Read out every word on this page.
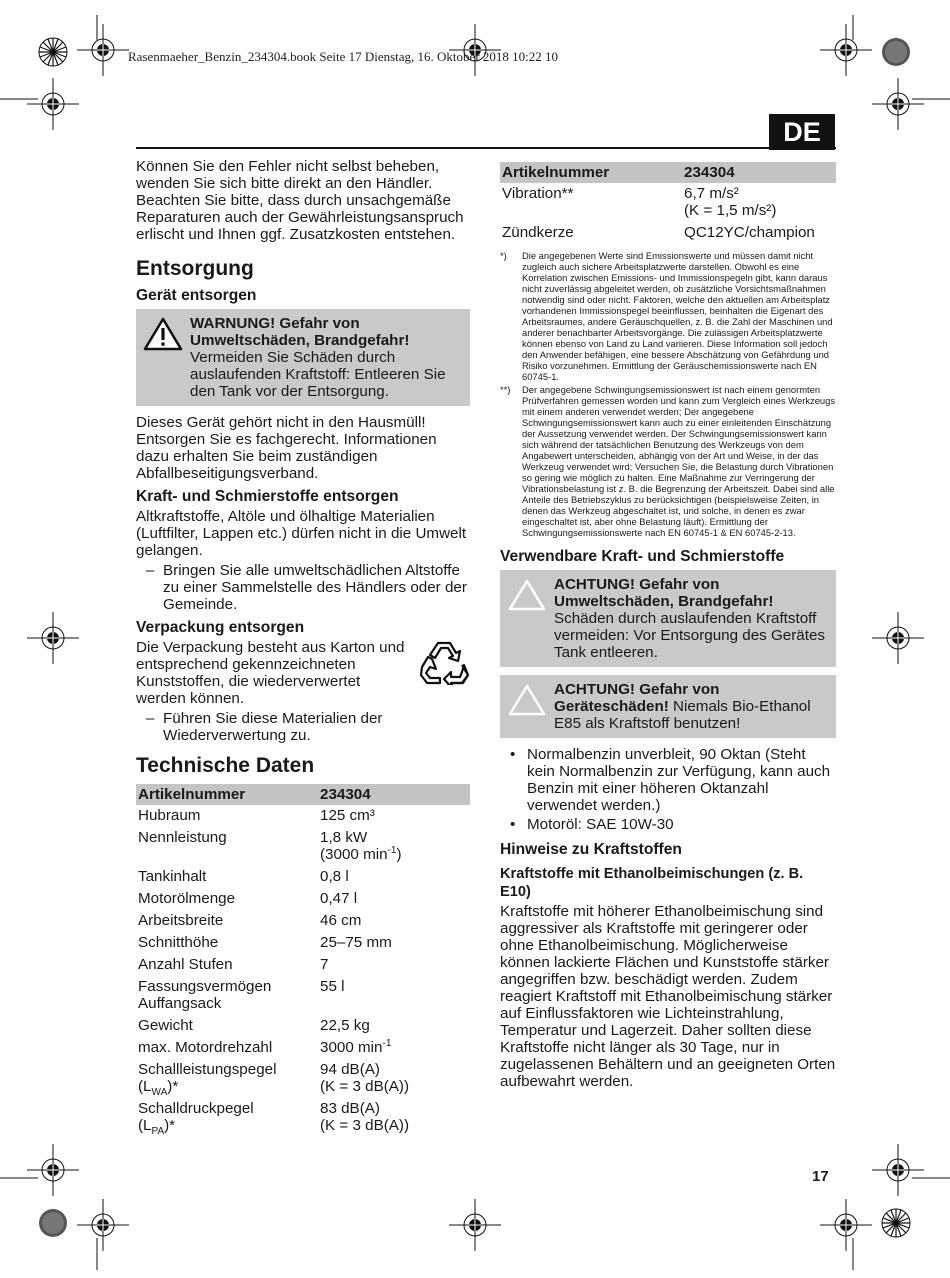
Rasenmaeher_Benzin_234304.book Seite 17 Dienstag, 16. Oktober 2018 10:22 10
DE

Können Sie den Fehler nicht selbst beheben, wenden Sie sich bitte direkt an den Händler. Beachten Sie bitte, dass durch unsachgemäße Reparaturen auch der Gewährleistungsanspruch erlischt und Ihnen ggf. Zusatzkosten entstehen.

Entsorgung
Gerät entsorgen
WARNUNG! Gefahr von Umweltschäden, Brandgefahr! Vermeiden Sie Schäden durch auslaufenden Kraftstoff: Entleeren Sie den Tank vor der Entsorgung.

Dieses Gerät gehört nicht in den Hausmüll! Entsorgen Sie es fachgerecht. Informationen dazu erhalten Sie beim zuständigen Abfallbeseitigungsverband.

Kraft- und Schmierstoffe entsorgen

Altkraftstoffe, Altöle und ölhaltige Materialien (Luftfilter, Lappen etc.) dürfen nicht in die Umwelt gelangen.

– Bringen Sie alle umweltschädlichen Altstoffe zu einer Sammelstelle des Händlers oder der Gemeinde.
Verpackung entsorgen

Die Verpackung besteht aus Karton und entsprechend gekennzeichneten Kunststoffen, die wiederverwertet werden können.

– Führen Sie diese Materialien der Wiederverwertung zu.
Technische Daten
Artikelnummer	234304
Hubraum	125 cm³
Nennleistung	1,8 kW
(3000 $\min^{-1}$)
Tankinhalt	0,8 l
Motorölmenge	0,47 l
Arbeitsbreite	46 cm
Schnitthöhe	25–75 mm
Anzahl Stufen	7
Fassungsvermögen Auffangsack	55 l
Gewicht	22,5 kg
max. Motordrehzahl	3000 $\min^{-1}$
Schallleistungspegel
$(L_{WA})*$	94 dB(A)
(K = 3 dB(A))
Schalldruckpegel
$(L_{PA})*$	83 dB(A)
(K = 3 dB(A))
Artikelnummer	234304
Vibration**	6,7 m/s²
(K = 1,5 m/s²)
Zündkerze	QC12YC/champion
*)	Die angegebenen Werte sind Emissionswerte und müssen damit nicht zugleich auch sichere Arbeitsplatzwerte darstellen. Obwohl es eine Korrelation zwischen Emissions- und Immissionspegeln gibt, kann daraus nicht zuverlässig abgeleitet werden, ob zusätzliche Vorsichtsmaßnahmen notwendig sind oder nicht. Faktoren, welche den aktuellen am Arbeitsplatz vorhandenen Immissionspegel beeinflussen, beinhalten die Eigenart des Arbeitsraumes, andere Geräuschquellen, z. B. die Zahl der Maschinen und anderer benachbarter Arbeitsvorgänge. Die zulässigen Arbeitsplatzwerte können ebenso von Land zu Land variieren. Diese Information soll jedoch den Anwender befähigen, eine bessere Abschätzung von Gefährdung und Risiko vorzunehmen. Ermittlung der Geräuschemissionswerte nach EN 60745-1.
**)	Der angegebene Schwingungsemissionswert ist nach einem genormten Prüfverfahren gemessen worden und kann zum Vergleich eines Werkzeugs mit einem anderen verwendet werden; Der angegebene Schwingungsemissionswert kann auch zu einer einleitenden Einschätzung der Aussetzung verwendet werden. Der Schwingungsemissionswert kann sich während der tatsächlichen Benutzung des Werkzeugs von dem Angabewert unterscheiden, abhängig von der Art und Weise, in der das Werkzeug verwendet wird; Versuchen Sie, die Belastung durch Vibrationen so gering wie möglich zu halten. Eine Maßnahme zur Verringerung der Vibrationsbelastung ist z. B. die Begrenzung der Arbeitszeit. Dabei sind alle Anteile des Betriebszyklus zu berücksichtigen (beispielsweise Zeiten, in denen das Werkzeug abgeschaltet ist, und solche, in denen es zwar eingeschaltet ist, aber ohne Belastung läuft). Ermittlung der Schwingungsemissionswerte nach EN 60745-1 & EN 60745-2-13.
Verwendbare Kraft- und Schmierstoffe
ACHTUNG! Gefahr von Umweltschäden, Brandgefahr! Schäden durch auslaufenden Kraftstoff vermeiden: Vor Entsorgung des Gerätes Tank entleeren.
ACHTUNG! Gefahr von Geräteschäden! Niemals Bio-Ethanol E85 als Kraftstoff benutzen!
• Normalbenzin unverbleit, 90 Oktan (Steht kein Normalbenzin zur Verfügung, kann auch Benzin mit einer höheren Oktanzahl verwendet werden.)
• Motoröl: SAE 10W-30
Hinweise zu Kraftstoffen
Kraftstoffe mit Ethanolbeimischungen (z. B. E10)

Kraftstoffe mit höherer Ethanolbeimischung sind aggressiver als Kraftstoffe mit geringerer oder ohne Ethanolbeimischung. Möglicherweise können lackierte Flächen und Kunststoffe stärker angegriffen bzw. beschädigt werden. Zudem reagiert Kraftstoff mit Ethanolbeimischung stärker auf Einflussfaktoren wie Lichteinstrahlung, Temperatur und Lagerzeit. Daher sollten diese Kraftstoffe nicht länger als 30 Tage, nur in zugelassenen Behältern und an geeigneten Orten aufbewahrt werden.

17
